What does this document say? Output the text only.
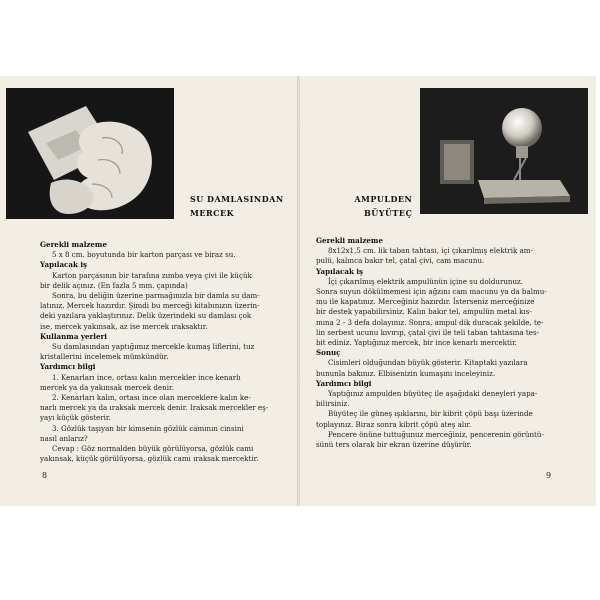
SU DAMLASINDAN
MERCEK

Gerekli malzeme

5 x 8 cm. boyutunda bir karton parçası ve biraz su.

Yapılacak iş

Karton parçasının bir tarafına zımba veya çivi ile küçük

bir delik açınız. (En fazla 5 mm. çapında)

Sonra, bu deliğin üzerine parmağınızla bir damla su dam-

latınız. Mercek hazırdır. Şimdi bu merceği kitabınızın üzerin-

deki yazılara yaklaştırınız. Delik üzerindeki su damlası çok

ise, mercek yakınsak, az ise mercek ıraksaktır.

Kullanma yerleri

Su damlasından yaptığımız mercekle kumaş liflerini, tuz

kristallerini incelemek mümkündür.

Yardımcı bilgi

1. Kenarları ince, ortası kalın mercekler ince kenarlı

mercek ya da yakınsak mercek denir.

2. Kenarları kalın, ortası ince olan merceklere kalın ke-

narlı mercek ya da ıraksak mercek denir. Iraksak mercekler eş-

yayı küçük gösterir.

3. Gözlük taşıyan bir kimsenin gözlük camının cinsini

nasıl anlarız?

Cevap : Göz normalden büyük görülüyorsa, gözlük camı

yakınsak, küçük görülüyorsa, gözlük camı ıraksak mercektir.

8
AMPULDEN
BÜYÜTEÇ

Gerekli malzeme

8x12x1,5 cm. lik taban tahtası, içi çıkarılmış elektrik am-

pulü, kalınca bakır tel, çatal çivi, cam macunu.

Yapılacak iş

İçi çıkarılmış elektrik ampulünün içine su doldurunuz.

Sonra suyun dökülmemesi için ağzını cam macunu ya da balmu-

mu ile kapatınız. Merceğiniz hazırdır. İsterseniz merceğinize

bir destek yapabilirsiniz. Kalın bakır tel, ampulün metal kıs-

mına 2 - 3 defa dolayınız. Sonra, ampul dik duracak şekilde, te-

lin serbest ucunu kıvırıp, çatal çivi ile teli taban tahtasına tes-

bit ediniz. Yaptığınız mercek, bir ince kenarlı mercektir.

Sonuç

Cisimleri olduğundan büyük gösterir. Kitaptaki yazılara

bununla bakınız. Elbisenizin kumaşını inceleyiniz.

Yardımcı bilgi

Yaptığınız ampulden büyüteç ile aşağıdaki deneyleri yapa-

bilirsiniz.

Büyüteç ile güneş ışıklarını, bir kibrit çöpü başı üzerinde

toplayınız. Biraz sonra kibrit çöpü ateş alır.

Pencere önüne tuttuğunuz merceğiniz, pencerenin görüntü-

sünü ters olarak bir ekran üzerine düşürür.

9
